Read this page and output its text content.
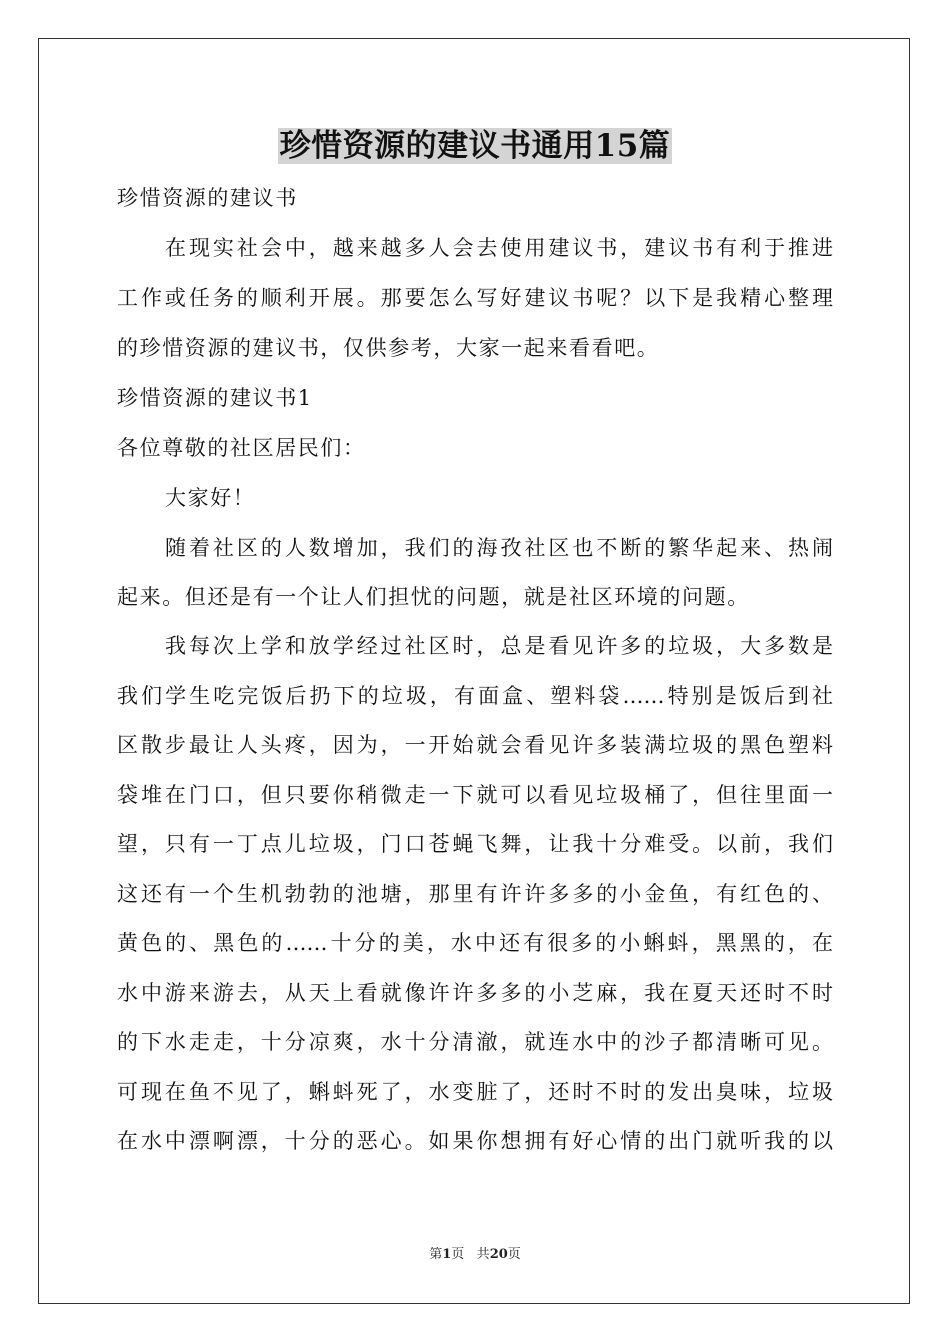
珍惜资源的建议书通用15篇
珍惜资源的建议书
在现实社会中，越来越多人会去使用建议书，建议书有利于推进
工作或任务的顺利开展。那要怎么写好建议书呢？以下是我精心整理
的珍惜资源的建议书，仅供参考，大家一起来看看吧。
珍惜资源的建议书1
各位尊敬的社区居民们：
大家好！
随着社区的人数增加，我们的海孜社区也不断的繁华起来、热闹
起来。但还是有一个让人们担忧的问题，就是社区环境的问题。
我每次上学和放学经过社区时，总是看见许多的垃圾，大多数是
我们学生吃完饭后扔下的垃圾，有面盒、塑料袋……特别是饭后到社
区散步最让人头疼，因为，一开始就会看见许多装满垃圾的黑色塑料
袋堆在门口，但只要你稍微走一下就可以看见垃圾桶了，但往里面一
望，只有一丁点儿垃圾，门口苍蝇飞舞，让我十分难受。以前，我们
这还有一个生机勃勃的池塘，那里有许许多多的小金鱼，有红色的、
黄色的、黑色的……十分的美，水中还有很多的小蝌蚪，黑黑的，在
水中游来游去，从天上看就像许许多多的小芝麻，我在夏天还时不时
的下水走走，十分凉爽，水十分清澈，就连水中的沙子都清晰可见。
可现在鱼不见了，蝌蚪死了，水变脏了，还时不时的发出臭味，垃圾
在水中漂啊漂，十分的恶心。如果你想拥有好心情的出门就听我的以
第1页 共20页
